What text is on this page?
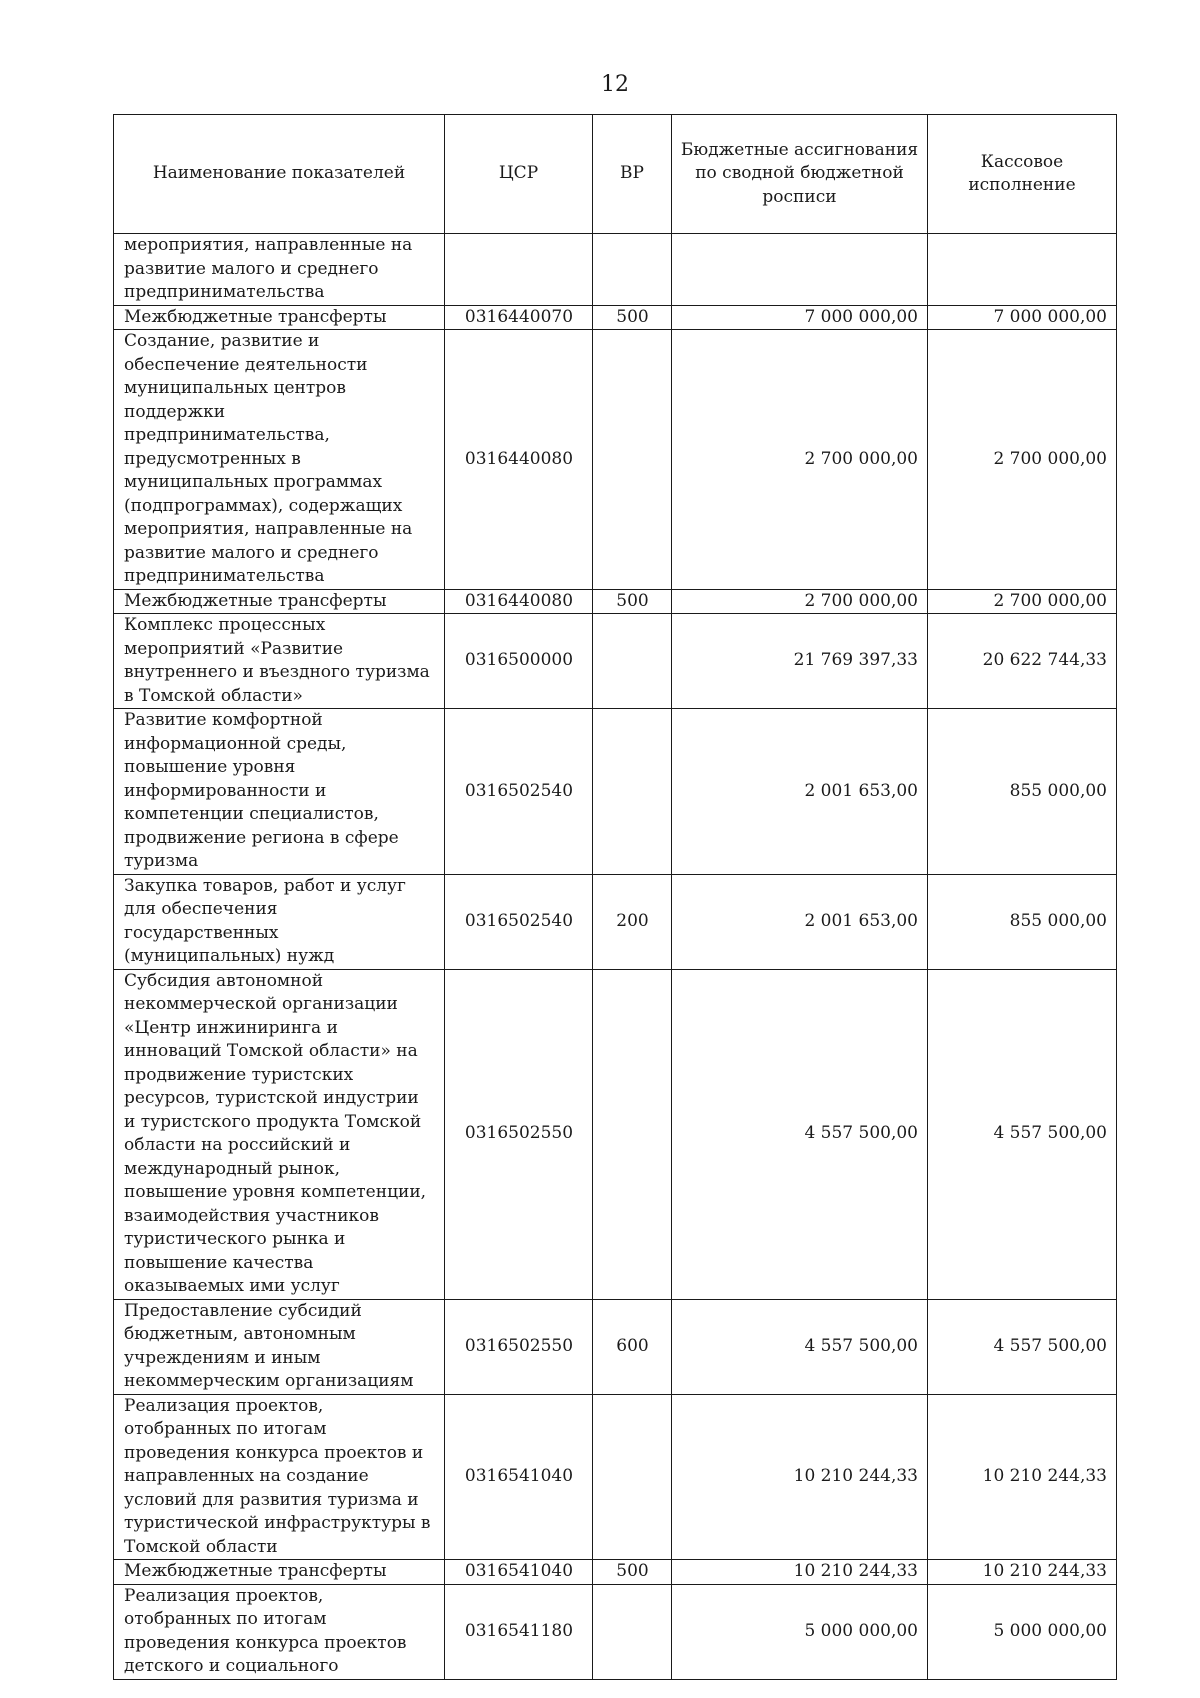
12
Наименование показателей	ЦСР	ВР	Бюджетные ассигнования по сводной бюджетной росписи	Кассовое исполнение	
мероприятия, направленные на развитие малого и среднего предпринимательства					
Межбюджетные трансферты	0316440070	500	7 000 000,00	7 000 000,00	
Создание, развитие и обеспечение деятельности муниципальных центров поддержки предпринимательства, предусмотренных в муниципальных программах (подпрограммах), содержащих мероприятия, направленные на развитие малого и среднего предпринимательства	0316440080		2 700 000,00	2 700 000,00	
Межбюджетные трансферты	0316440080	500	2 700 000,00	2 700 000,00	
Комплекс процессных мероприятий «Развитие внутреннего и въездного туризма в Томской области»	0316500000		21 769 397,33	20 622 744,33	
Развитие комфортной информационной среды, повышение уровня информированности и компетенции специалистов, продвижение региона в сфере туризма	0316502540		2 001 653,00	855 000,00	
Закупка товаров, работ и услуг для обеспечения государственных (муниципальных) нужд	0316502540	200	2 001 653,00	855 000,00	
Субсидия автономной некоммерческой организации «Центр инжиниринга и инноваций Томской области» на продвижение туристских ресурсов, туристской индустрии и туристского продукта Томской области на российский и международный рынок, повышение уровня компетенции, взаимодействия участников туристического рынка и повышение качества оказываемых ими услуг	0316502550		4 557 500,00	4 557 500,00	
Предоставление субсидий бюджетным, автономным учреждениям и иным некоммерческим организациям	0316502550	600	4 557 500,00	4 557 500,00	
Реализация проектов, отобранных по итогам проведения конкурса проектов и направленных на создание условий для развития туризма и туристической инфраструктуры в Томской области	0316541040		10 210 244,33	10 210 244,33	
Межбюджетные трансферты	0316541040	500	10 210 244,33	10 210 244,33	
Реализация проектов, отобранных по итогам проведения конкурса проектов детского и социального	0316541180		5 000 000,00	5 000 000,00	
